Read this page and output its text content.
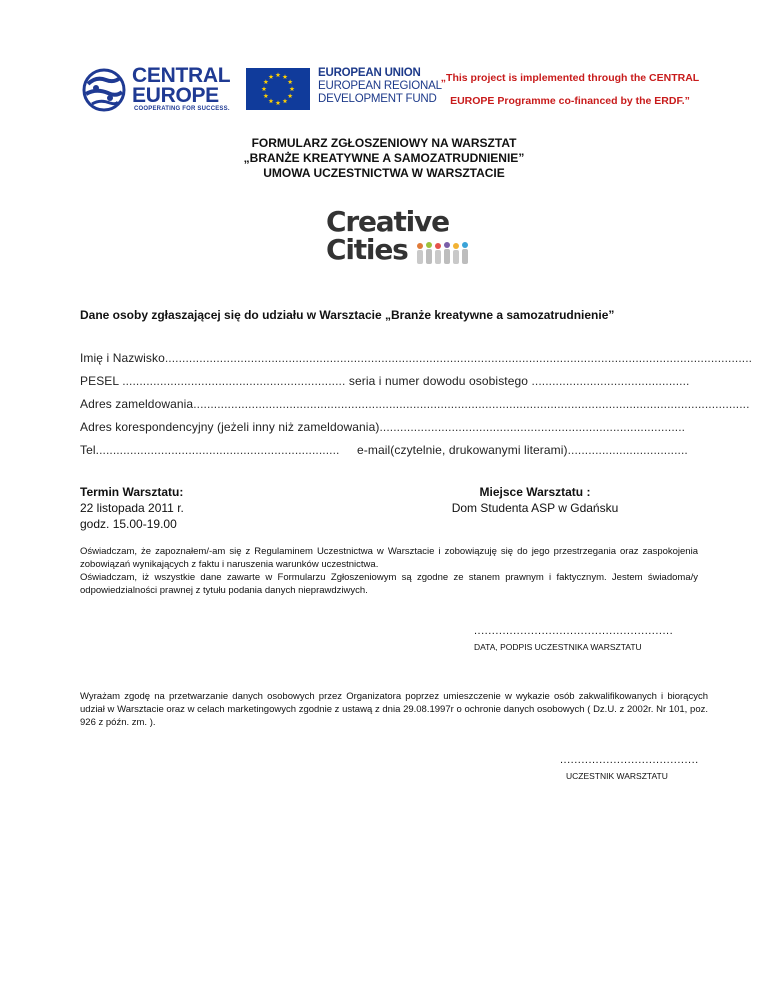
CENTRAL
EUROPE
COOPERATING FOR SUCCESS.
EUROPEAN UNION
EUROPEAN REGIONAL
DEVELOPMENT FUND
„This project is implemented through the CENTRAL
EUROPE Programme co-financed by the ERDF.”
FORMULARZ ZGŁOSZENIOWY NA WARSZTAT
„BRANŻE KREATYWNE A SAMOZATRUDNIENIE”
UMOWA UCZESTNICTWA W WARSZTACIE
Creative
Cities
Dane osoby zgłaszającej się do udziału w Warsztacie „Branże kreatywne a samozatrudnienie”
Imię i Nazwisko...........................................................................................................................................................................
PESEL ................................................................. seria i numer dowodu osobistego ..............................................
Adres zameldowania..................................................................................................................................................................
Adres korespondencyjny (jeżeli inny niż zameldowania).........................................................................................
Tel....................................................................... e-mail(czytelnie, drukowanymi literami)...................................
Termin Warsztatu:
22 listopada 2011 r.
godz. 15.00-19.00
Miejsce Warsztatu :
Dom Studenta ASP w Gdańsku

Oświadczam, że zapoznałem/-am się z Regulaminem Uczestnictwa w Warsztacie i zobowiązuję się do jego przestrzegania oraz zaspokojenia zobowiązań wynikających z faktu i naruszenia warunków uczestnictwa.

Oświadczam, iż wszystkie dane zawarte w Formularzu Zgłoszeniowym są zgodne ze stanem prawnym i faktycznym. Jestem świadoma/y odpowiedzialności prawnej z tytułu podania danych nieprawdziwych.

........................................................
DATA, PODPIS UCZESTNIKA WARSZTATU
Wyrażam zgodę na przetwarzanie danych osobowych przez Organizatora poprzez umieszczenie w wykazie osób zakwalifikowanych i biorących udział w Warsztacie oraz w celach marketingowych zgodnie z ustawą z dnia 29.08.1997r o ochronie danych osobowych ( Dz.U. z 2002r. Nr 101, poz. 926 z późn. zm. ).
.......................................
UCZESTNIK WARSZTATU
